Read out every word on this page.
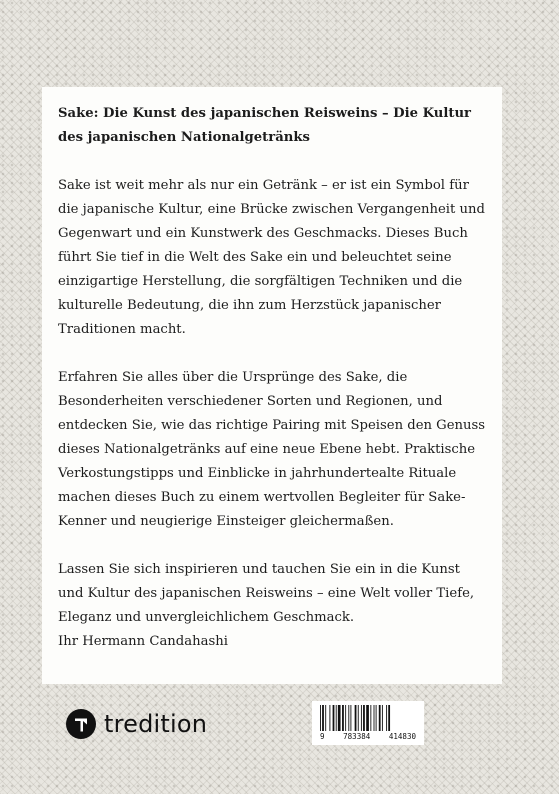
Sake: Die Kunst des japanischen Reisweins – Die Kultur des japanischen Nationalgetränks

Sake ist weit mehr als nur ein Getränk – er ist ein Symbol für die japanische Kultur, eine Brücke zwischen Vergangenheit und Gegenwart und ein Kunstwerk des Geschmacks. Dieses Buch führt Sie tief in die Welt des Sake ein und beleuchtet seine einzigartige Herstellung, die sorgfältigen Techniken und die kulturelle Bedeutung, die ihn zum Herzstück japanischer Traditionen macht.

Erfahren Sie alles über die Ursprünge des Sake, die Besonderheiten verschiedener Sorten und Regionen, und entdecken Sie, wie das richtige Pairing mit Speisen den Genuss dieses Nationalgetränks auf eine neue Ebene hebt. Praktische Verkostungstipps und Einblicke in jahrhundertealte Rituale machen dieses Buch zu einem wertvollen Begleiter für Sake-Kenner und neugierige Einsteiger gleichermaßen.

Lassen Sie sich inspirieren und tauchen Sie ein in die Kunst und Kultur des japanischen Reisweins – eine Welt voller Tiefe, Eleganz und unvergleichlichem Geschmack.

Ihr Hermann Candahashi

tredition	9 783384 414830
